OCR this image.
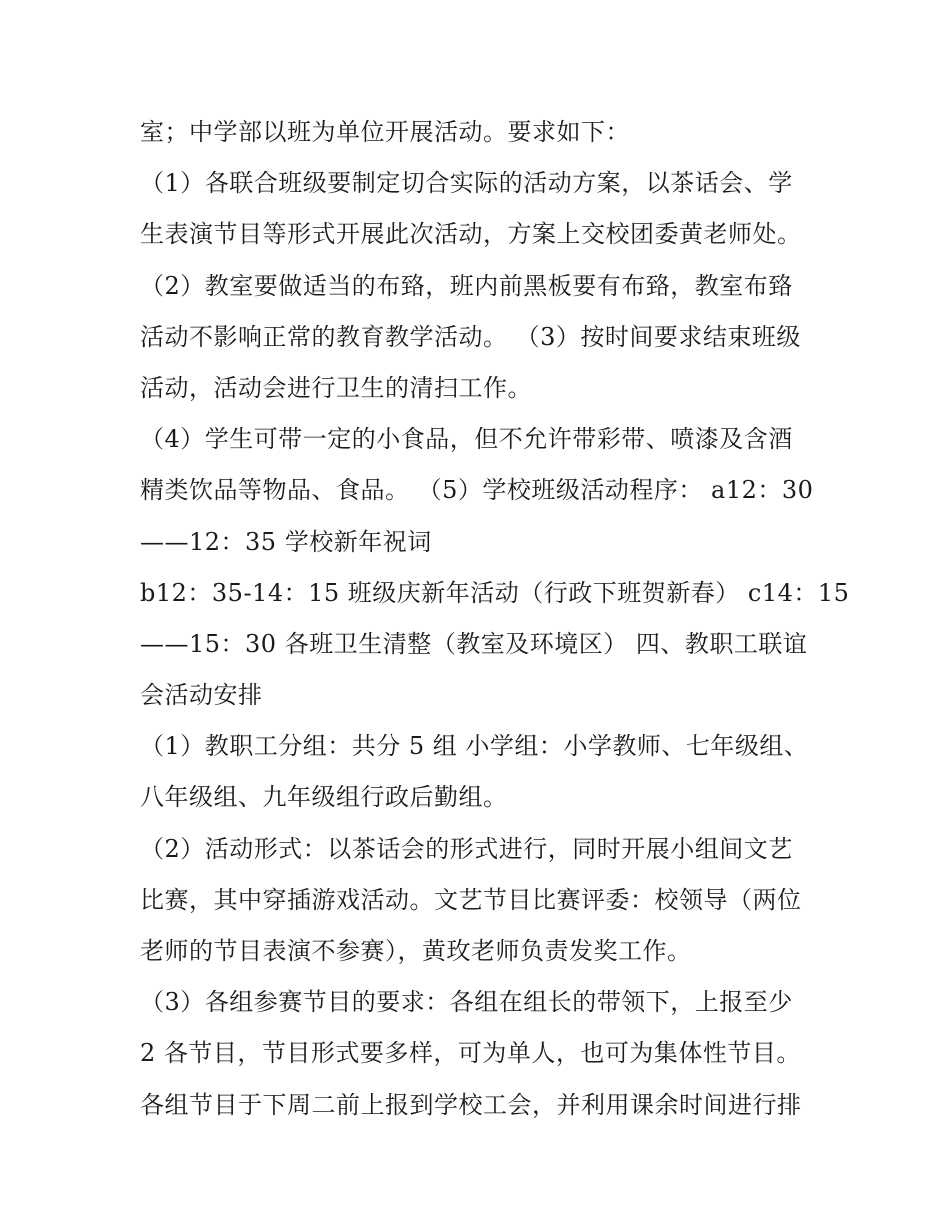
室；中学部以班为单位开展活动。要求如下：
（1）各联合班级要制定切合实际的活动方案，以茶话会、学
生表演节目等形式开展此次活动，方案上交校团委黄老师处。
（2）教室要做适当的布臵，班内前黑板要有布臵，教室布臵
活动不影响正常的教育教学活动。 （3）按时间要求结束班级
活动，活动会进行卫生的清扫工作。
（4）学生可带一定的小食品，但不允许带彩带、喷漆及含酒
精类饮品等物品、食品。 （5）学校班级活动程序： a12：30
——12：35 学校新年祝词
b12：35-14：15 班级庆新年活动（行政下班贺新春） c14：15
——15：30 各班卫生清整（教室及环境区） 四、教职工联谊
会活动安排
（1）教职工分组：共分 5 组 小学组：小学教师、七年级组、
八年级组、九年级组行政后勤组。
（2）活动形式：以茶话会的形式进行，同时开展小组间文艺
比赛，其中穿插游戏活动。文艺节目比赛评委：校领导（两位
老师的节目表演不参赛），黄玫老师负责发奖工作。
（3）各组参赛节目的要求：各组在组长的带领下，上报至少
2 各节目，节目形式要多样，可为单人，也可为集体性节目。
各组节目于下周二前上报到学校工会，并利用课余时间进行排
